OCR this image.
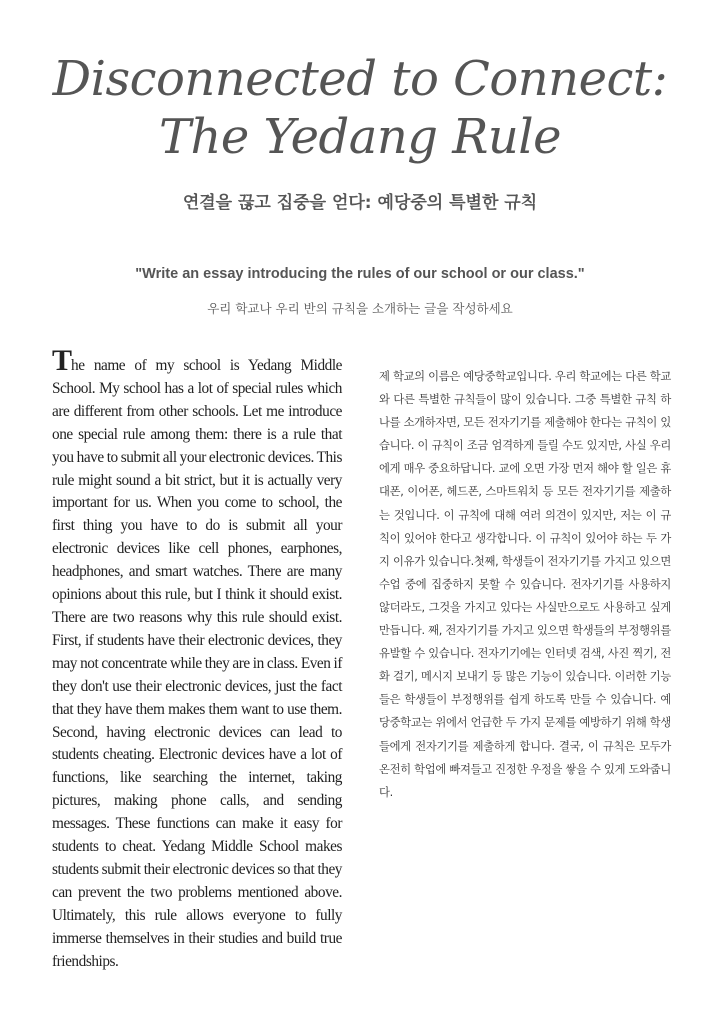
Disconnected to Connect:
The Yedang Rule

연결을 끊고 집중을 얻다: 예당중의 특별한 규칙

"Write an essay introducing the rules of our school or our class."

우리 학교나 우리 반의 규칙을 소개하는 글을 작성하세요

The name of my school is Yedang Middle School. My school has a lot of special rules which are different from other schools. Let me introduce one special rule among them: there is a rule that you have to submit all your electronic devices. This rule might sound a bit strict, but it is actually very important for us. When you come to school, the first thing you have to do is submit all your electronic devices like cell phones, earphones, headphones, and smart watches. There are many opinions about this rule, but I think it should exist. There are two reasons why this rule should exist. First, if students have their electronic devices, they may not concentrate while they are in class. Even if they don't use their electronic devices, just the fact that they have them makes them want to use them. Second, having electronic devices can lead to students cheating. Electronic devices have a lot of functions, like searching the internet, taking pictures, making phone calls, and sending messages. These functions can make it easy for students to cheat. Yedang Middle School makes students submit their electronic devices so that they can prevent the two problems mentioned above. Ultimately, this rule allows everyone to fully immerse themselves in their studies and build true friendships.

제 학교의 이름은 예당중학교입니다. 우리 학교에는 다른 학교와 다른 특별한 규칙들이 많이 있습니다. 그중 특별한 규칙 하나를 소개하자면, 모든 전자기기를 제출해야 한다는 규칙이 있습니다. 이 규칙이 조금 엄격하게 들릴 수도 있지만, 사실 우리에게 매우 중요하답니다. 교에 오면 가장 먼저 해야 할 일은 휴대폰, 이어폰, 헤드폰, 스마트워치 등 모든 전자기기를 제출하는 것입니다. 이 규칙에 대해 여러 의견이 있지만, 저는 이 규칙이 있어야 한다고 생각합니다. 이 규칙이 있어야 하는 두 가지 이유가 있습니다.첫째, 학생들이 전자기기를 가지고 있으면 수업 중에 집중하지 못할 수 있습니다. 전자기기를 사용하지 않더라도, 그것을 가지고 있다는 사실만으로도 사용하고 싶게 만듭니다. 째, 전자기기를 가지고 있으면 학생들의 부정행위를 유발할 수 있습니다. 전자기기에는 인터넷 검색, 사진 찍기, 전화 걸기, 메시지 보내기 등 많은 기능이 있습니다. 이러한 기능들은 학생들이 부정행위를 쉽게 하도록 만들 수 있습니다. 예당중학교는 위에서 언급한 두 가지 문제를 예방하기 위해 학생들에게 전자기기를 제출하게 합니다. 결국, 이 규칙은 모두가 온전히 학업에 빠져들고 진정한 우정을 쌓을 수 있게 도와줍니다.
